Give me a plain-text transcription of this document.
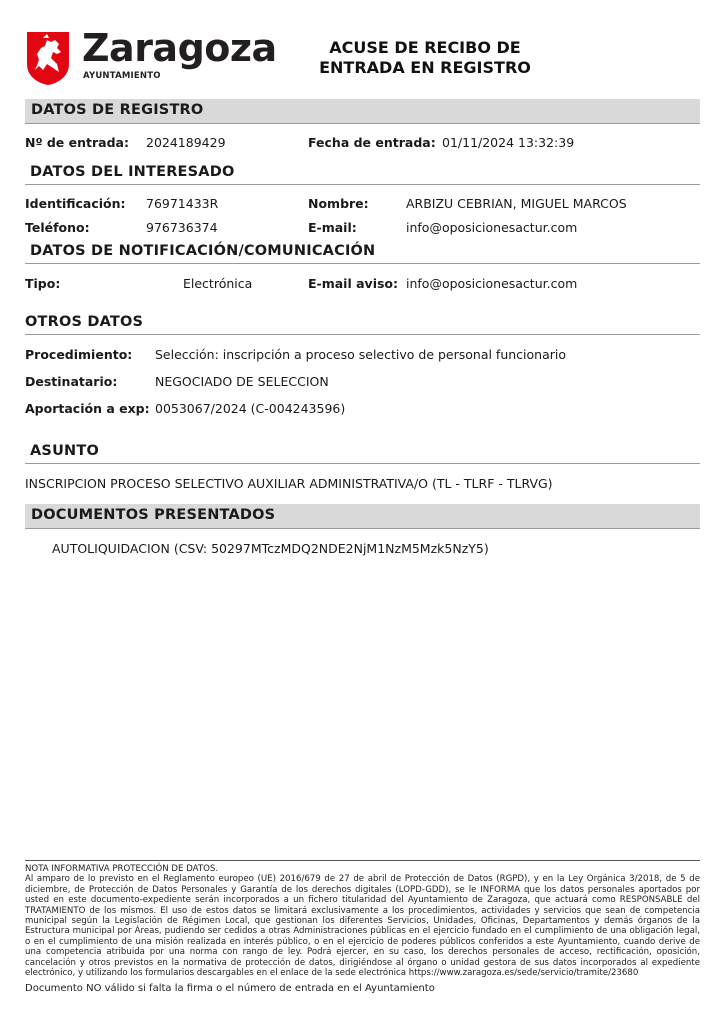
Zaragoza
AYUNTAMIENTO
ACUSE DE RECIBO DE
ENTRADA EN REGISTRO
DATOS DE REGISTRO
Nº de entrada: 2024189429	Fecha de entrada: 01/11/2024 13:32:39
DATOS DEL INTERESADO
Identificación: 76971433R	Nombre:	ARBIZU CEBRIAN, MIGUEL MARCOS
Teléfono:	976736374	E-mail:	info@oposicionesactur.com
DATOS DE NOTIFICACIÓN/COMUNICACIÓN
Tipo:	Electrónica	E-mail aviso: info@oposicionesactur.com
OTROS DATOS
Procedimiento: Selección: inscripción a proceso selectivo de personal funcionario
Destinatario:	NEGOCIADO DE SELECCION
Aportación a exp: 0053067/2024 (C-004243596)
ASUNTO
INSCRIPCION PROCESO SELECTIVO AUXILIAR ADMINISTRATIVA/O (TL - TLRF - TLRVG)
DOCUMENTOS PRESENTADOS
AUTOLIQUIDACION (CSV: 50297MTczMDQ2NDE2NjM1NzM5Mzk5NzY5)

NOTA INFORMATIVA PROTECCIÓN DE DATOS.

Al amparo de lo previsto en el Reglamento europeo (UE) 2016/679 de 27 de abril de Protección de Datos (RGPD), y en la Ley Orgánica 3/2018, de 5 de diciembre, de Protección de Datos Personales y Garantía de los derechos digitales (LOPD-GDD), se le INFORMA que los datos personales aportados por usted en este documento-expediente serán incorporados a un fichero titularidad del Ayuntamiento de Zaragoza, que actuará como RESPONSABLE del TRATAMIENTO de los mismos. El uso de estos datos se limitará exclusivamente a los procedimientos, actividades y servicios que sean de competencia municipal según la Legislación de Régimen Local, que gestionan los diferentes Servicios, Unidades, Oficinas, Departamentos y demás órganos de la Estructura municipal por Áreas, pudiendo ser cedidos a otras Administraciones públicas en el ejercicio fundado en el cumplimiento de una obligación legal, o en el cumplimiento de una misión realizada en interés público, o en el ejercicio de poderes públicos conferidos a este Ayuntamiento, cuando derive de una competencia atribuida por una norma con rango de ley. Podrá ejercer, en su caso, los derechos personales de acceso, rectificación, oposición, cancelación y otros previstos en la normativa de protección de datos, dirigiéndose al órgano o unidad gestora de sus datos incorporados al expediente electrónico, y utilizando los formularios descargables en el enlace de la sede electrónica https://www.zaragoza.es/sede/servicio/tramite/23680

Documento NO válido si falta la firma o el número de entrada en el Ayuntamiento
